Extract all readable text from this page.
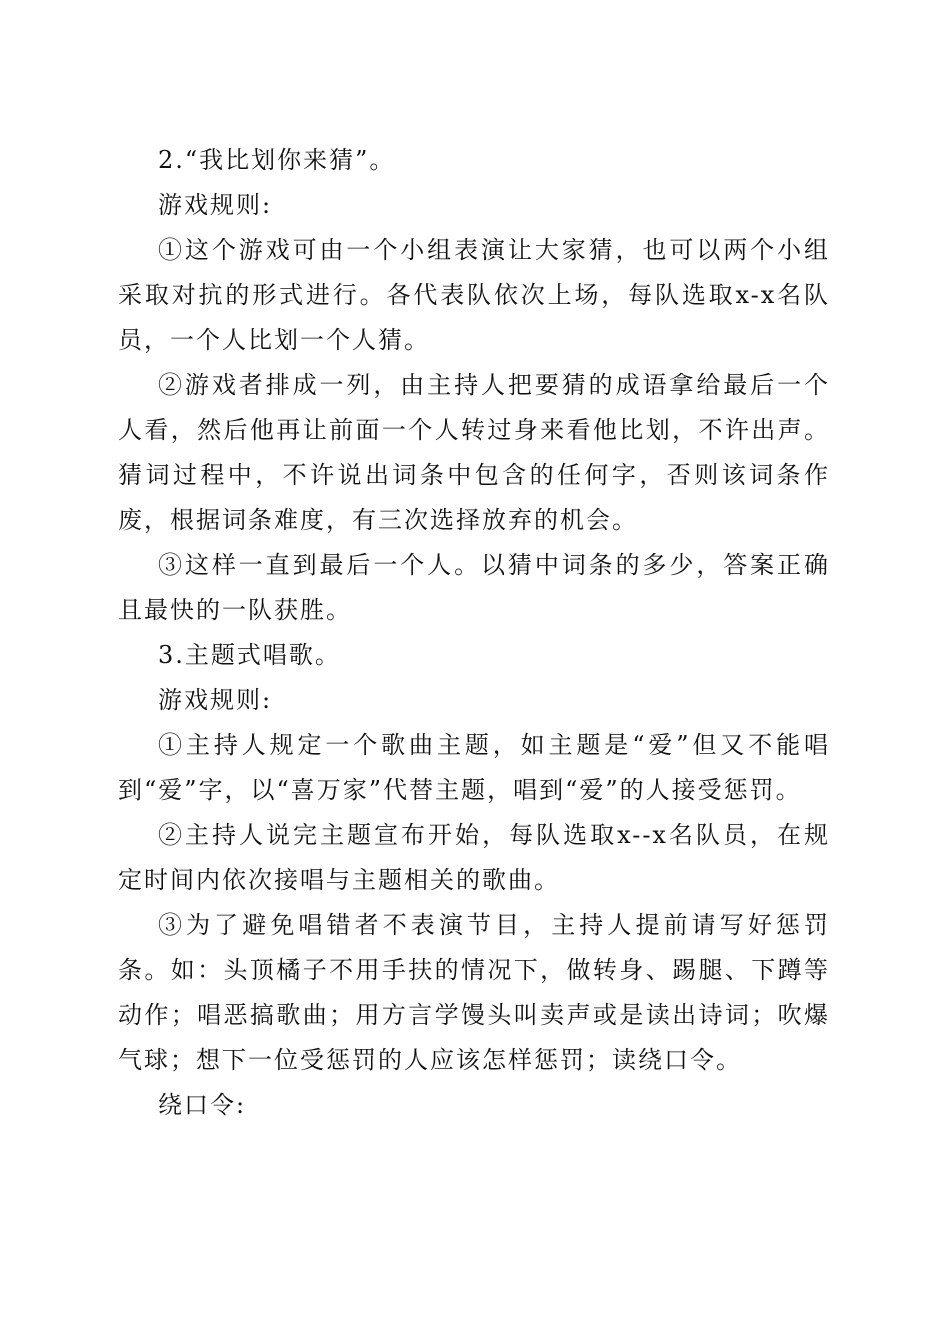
2.“我比划你来猜”。

游戏规则:

①这个游戏可由一个小组表演让大家猜，也可以两个小组采取对抗的形式进行。各代表队依次上场，每队选取x-x名队员，一个人比划一个人猜。

②游戏者排成一列，由主持人把要猜的成语拿给最后一个人看，然后他再让前面一个人转过身来看他比划，不许出声。猜词过程中，不许说出词条中包含的任何字，否则该词条作废，根据词条难度，有三次选择放弃的机会。

③这样一直到最后一个人。以猜中词条的多少，答案正确且最快的一队获胜。

3.主题式唱歌。

游戏规则:

①主持人规定一个歌曲主题，如主题是“爱”但又不能唱到“爱”字，以“喜万家”代替主题，唱到“爱”的人接受惩罚。

②主持人说完主题宣布开始，每队选取x--x名队员，在规定时间内依次接唱与主题相关的歌曲。

③为了避免唱错者不表演节目，主持人提前请写好惩罚条。如：头顶橘子不用手扶的情况下，做转身、踢腿、下蹲等动作；唱恶搞歌曲；用方言学馒头叫卖声或是读出诗词；吹爆气球；想下一位受惩罚的人应该怎样惩罚；读绕口令。

绕口令:
